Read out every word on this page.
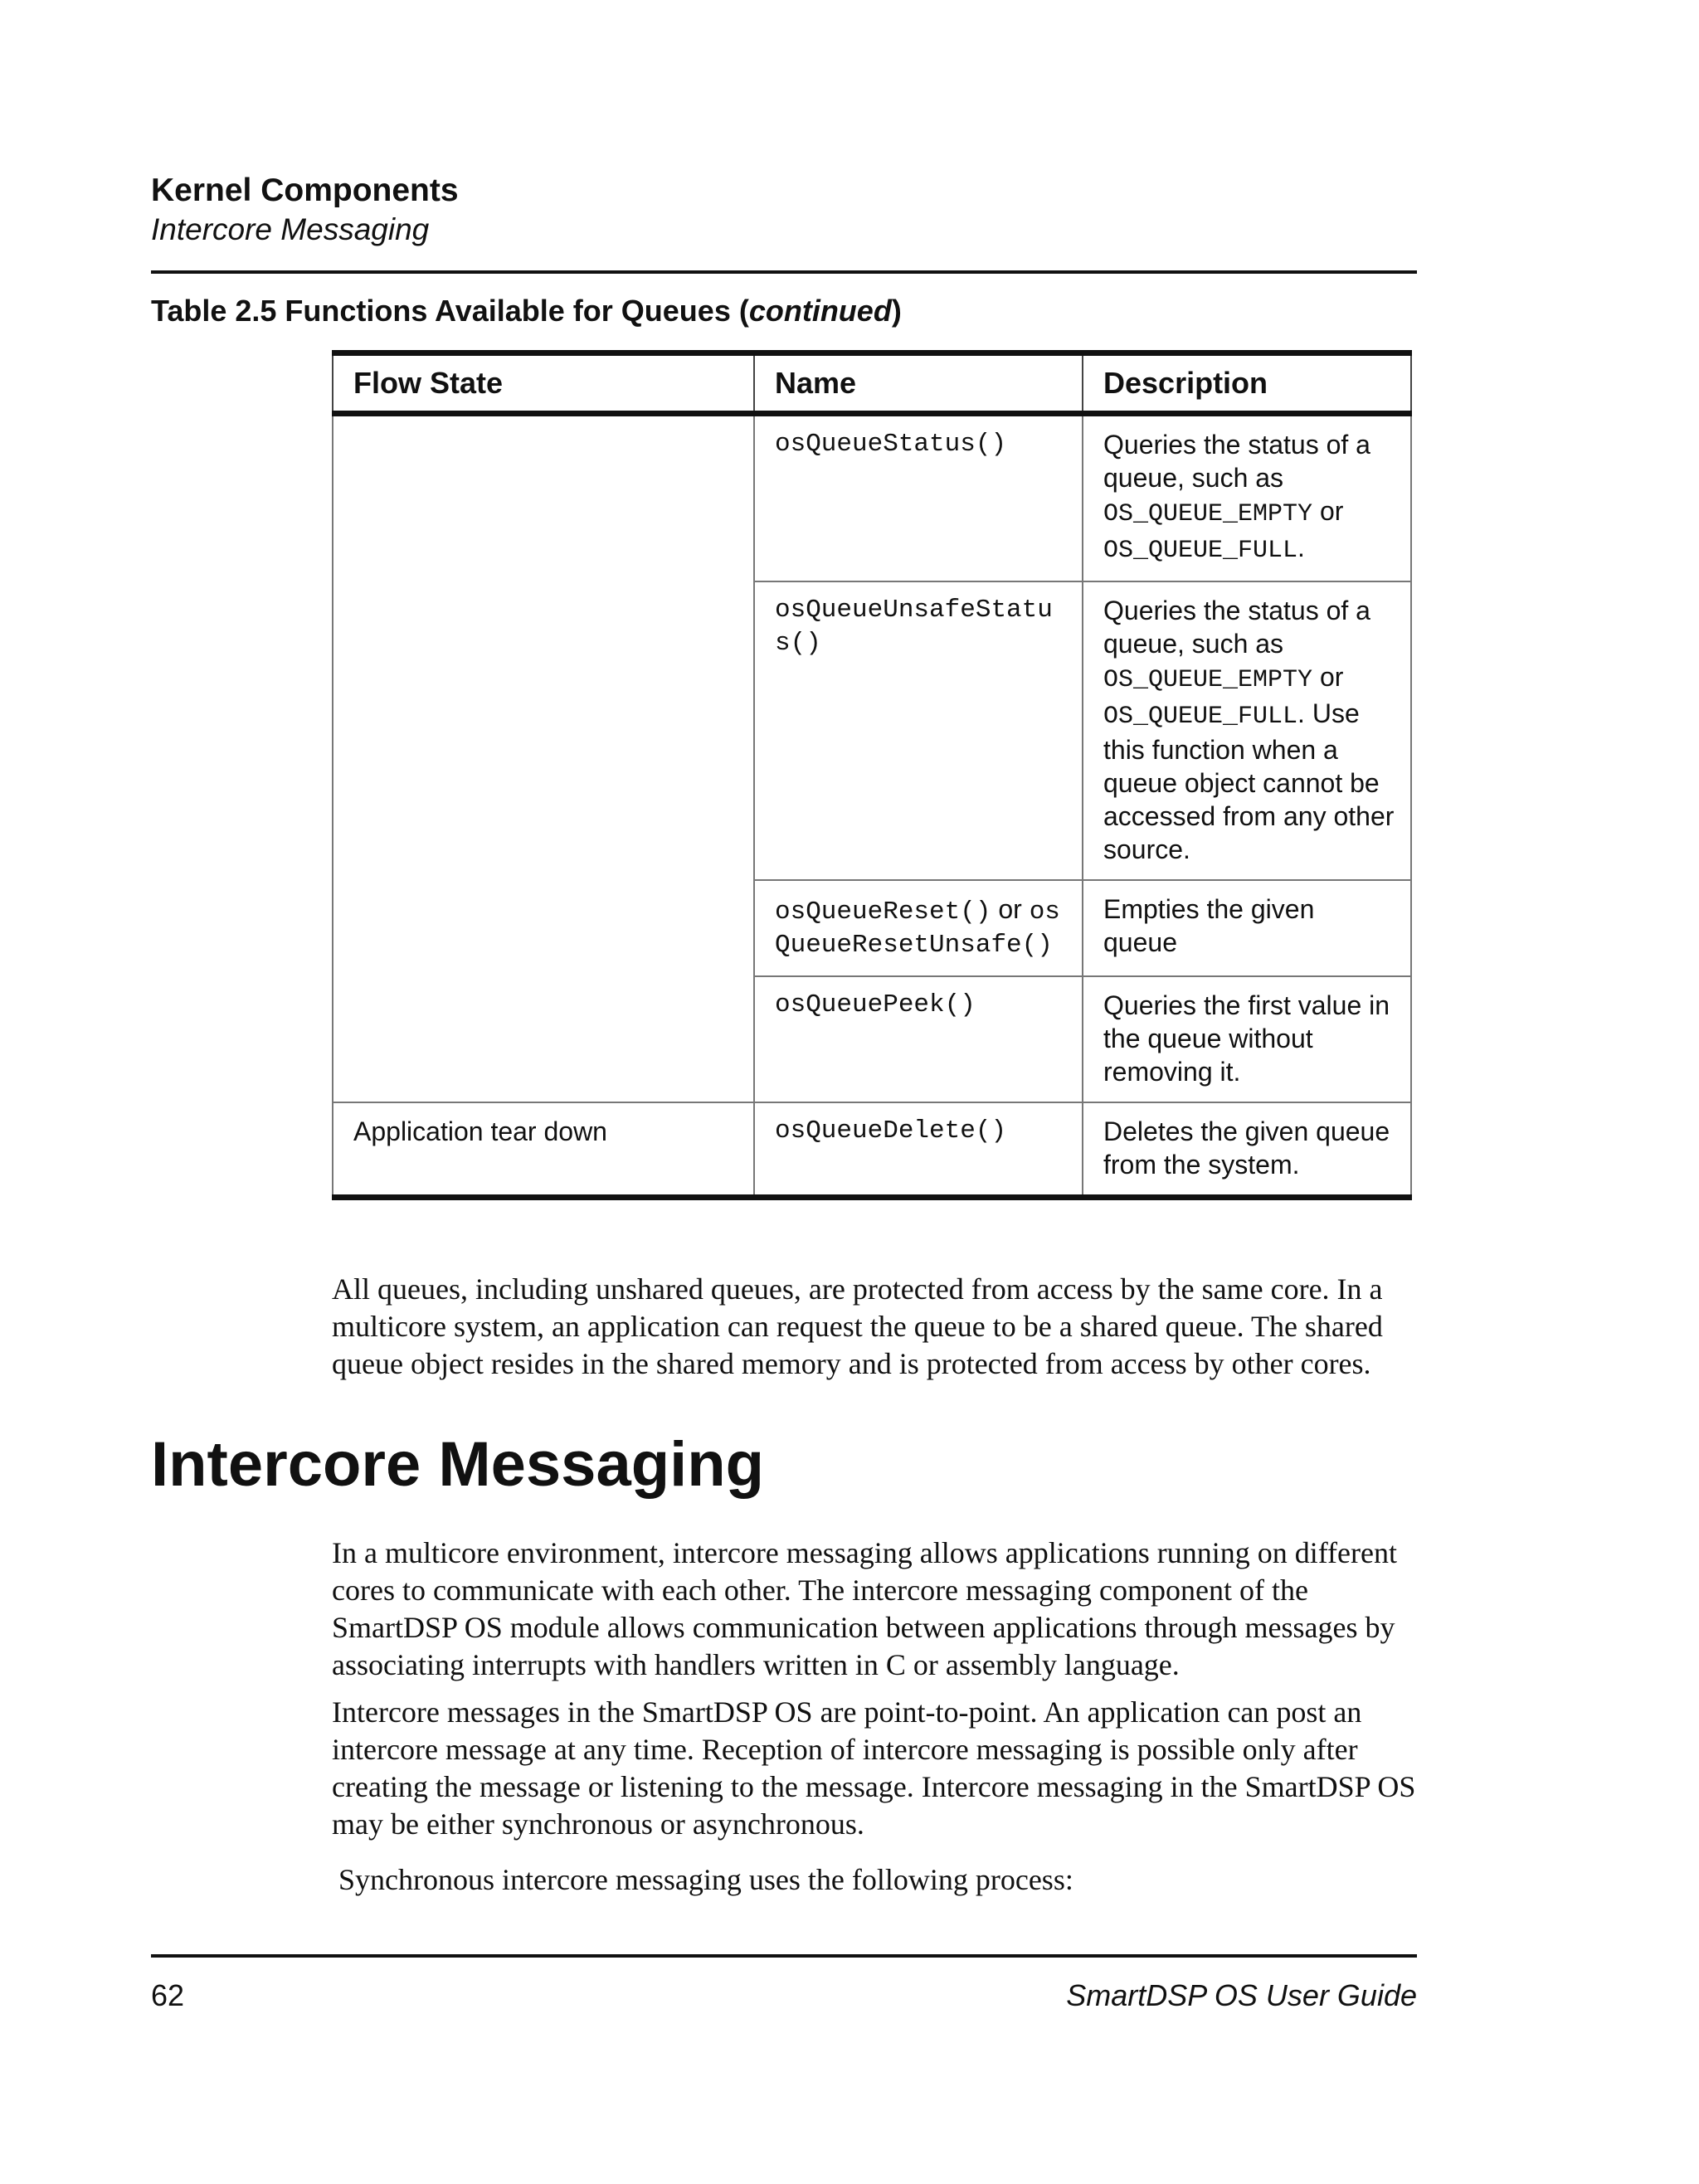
Kernel Components
Intercore Messaging
Table 2.5 Functions Available for Queues (continued)
Flow State	Name	Description
	osQueueStatus()	Queries the status of a queue, such as OS_QUEUE_EMPTY or OS_QUEUE_FULL.
	osQueueUnsafeStatus()	Queries the status of a queue, such as OS_QUEUE_EMPTY or OS_QUEUE_FULL. Use this function when a queue object cannot be accessed from any other source.
	osQueueReset() or osQueueResetUnsafe()	Empties the given queue
	osQueuePeek()	Queries the first value in the queue without removing it.
Application tear down	osQueueDelete()	Deletes the given queue from the system.
All queues, including unshared queues, are protected from access by the same core. In a multicore system, an application can request the queue to be a shared queue. The shared queue object resides in the shared memory and is protected from access by other cores.
Intercore Messaging
In a multicore environment, intercore messaging allows applications running on different cores to communicate with each other. The intercore messaging component of the SmartDSP OS module allows communication between applications through messages by associating interrupts with handlers written in C or assembly language.
Intercore messages in the SmartDSP OS are point-to-point. An application can post an intercore message at any time. Reception of intercore messaging is possible only after creating the message or listening to the message. Intercore messaging in the SmartDSP OS may be either synchronous or asynchronous.
Synchronous intercore messaging uses the following process:
62	SmartDSP OS User Guide
